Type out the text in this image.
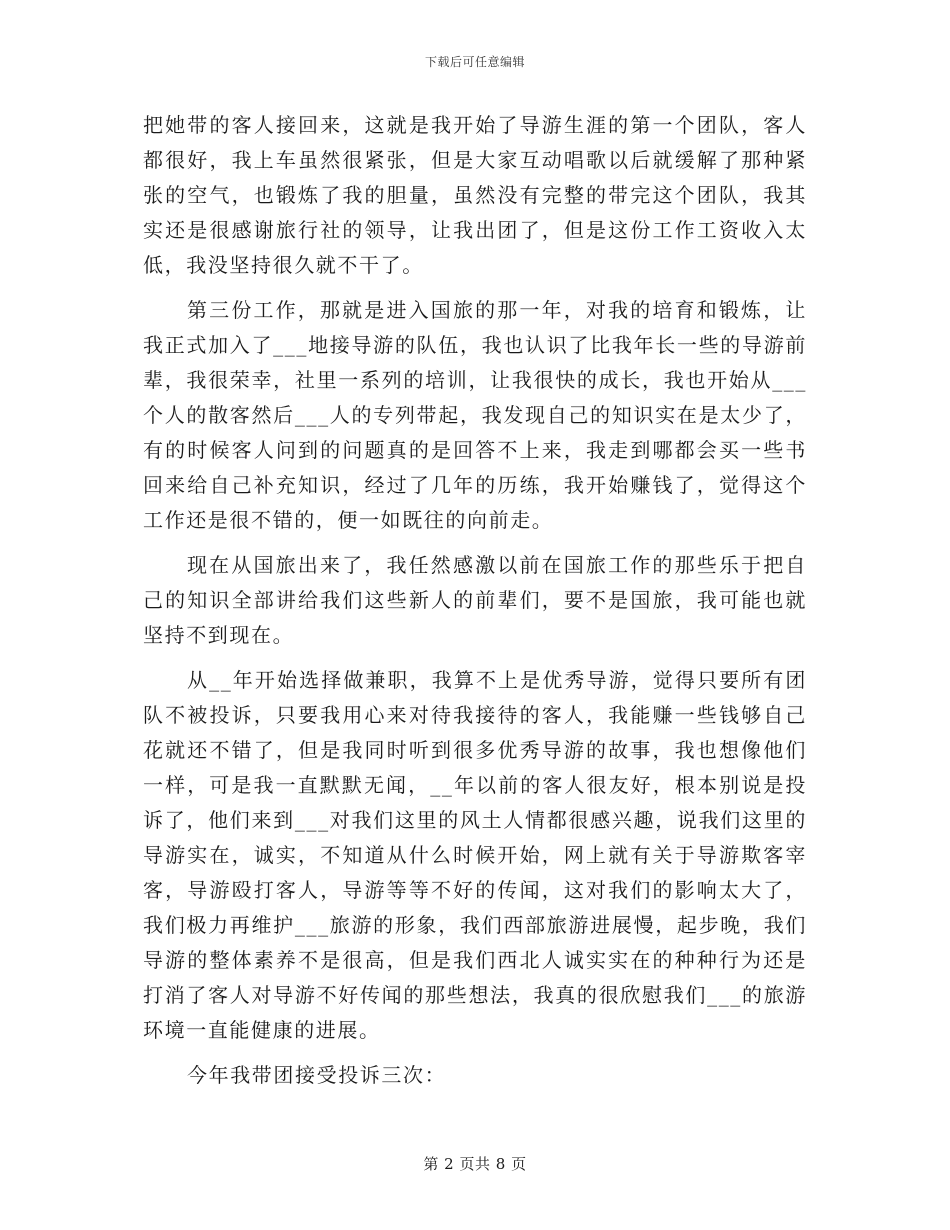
下载后可任意编辑

把她带的客人接回来，这就是我开始了导游生涯的第一个团队，客人都很好，我上车虽然很紧张，但是大家互动唱歌以后就缓解了那种紧张的空气，也锻炼了我的胆量，虽然没有完整的带完这个团队，我其实还是很感谢旅行社的领导，让我出团了，但是这份工作工资收入太低，我没坚持很久就不干了。

第三份工作，那就是进入国旅的那一年，对我的培育和锻炼，让我正式加入了___地接导游的队伍，我也认识了比我年长一些的导游前辈，我很荣幸，社里一系列的培训，让我很快的成长，我也开始从___个人的散客然后___人的专列带起，我发现自己的知识实在是太少了，有的时候客人问到的问题真的是回答不上来，我走到哪都会买一些书回来给自己补充知识，经过了几年的历练，我开始赚钱了，觉得这个工作还是很不错的，便一如既往的向前走。

现在从国旅出来了，我任然感激以前在国旅工作的那些乐于把自己的知识全部讲给我们这些新人的前辈们，要不是国旅，我可能也就坚持不到现在。

从__年开始选择做兼职，我算不上是优秀导游，觉得只要所有团队不被投诉，只要我用心来对待我接待的客人，我能赚一些钱够自己花就还不错了，但是我同时听到很多优秀导游的故事，我也想像他们一样，可是我一直默默无闻，__年以前的客人很友好，根本别说是投诉了，他们来到___对我们这里的风土人情都很感兴趣，说我们这里的导游实在，诚实，不知道从什么时候开始，网上就有关于导游欺客宰客，导游殴打客人，导游等等不好的传闻，这对我们的影响太大了，我们极力再维护___旅游的形象，我们西部旅游进展慢，起步晚，我们导游的整体素养不是很高，但是我们西北人诚实实在的种种行为还是打消了客人对导游不好传闻的那些想法，我真的很欣慰我们___的旅游环境一直能健康的进展。

今年我带团接受投诉三次：

第 2 页共 8 页
